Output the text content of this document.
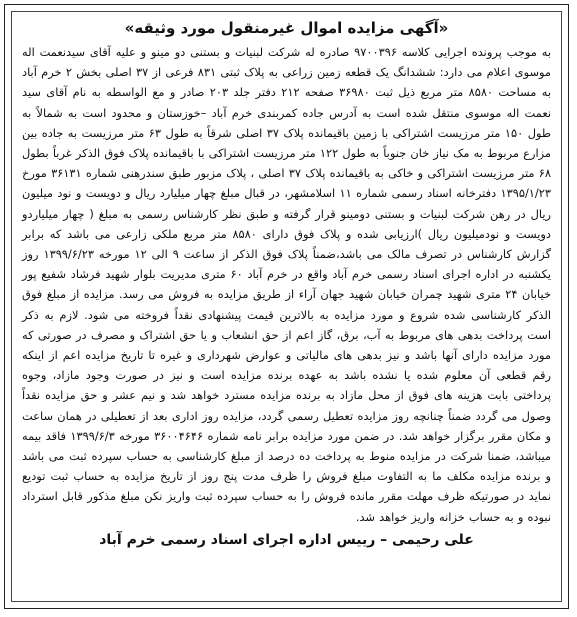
«آگهی مزایده اموال غیرمنقول مورد وثیقه»

به موجب پرونده اجرایی کلاسه ۹۷۰۰۳۹۶ صادره له شرکت لبنیات و بستنی دو مینو و علیه آقای سیدنعمت اله موسوی اعلام می دارد: ششدانگ یک قطعه زمین زراعی به پلاک ثبتی ۸۳۱ فرعی از ۳۷ اصلی بخش ۲ خرم آباد به مساحت ۸۵۸۰ متر مربع ذیل ثبت ۳۶۹۸۰ صفحه ۲۱۲ دفتر جلد ۲۰۳ صادر و مع الواسطه به نام آقای سید نعمت اله موسوی منتقل شده است به آدرس جاده کمربندی خرم آباد –خوزستان و محدود است به شمالاً به طول ۱۵۰ متر مرزیست اشتراکی با زمین باقیمانده پلاک ۳۷ اصلی شرقاً به طول ۶۳ متر مرزیست به جاده بین مزارع مربوط به مک نیاز خان جنوباً به طول ۱۲۲ متر مرزیست اشتراکی با باقیمانده پلاک فوق الذکر غرباً بطول ۶۸ متر مرزیست اشتراکی و خاکی به باقیمانده پلاک ۳۷ اصلی ، پلاک مزبور طبق سندرهنی شماره ۳۶۱۳۱ مورخ ۱۳۹۵/۱/۲۳ دفترخانه اسناد رسمی شماره ۱۱ اسلامشهر، در قبال مبلغ چهار میلیارد ریال و دویست و نود میلیون ریال در رهن شرکت لبنیات و بستنی دومینو قرار گرفته و طبق نظر کارشناس رسمی به مبلغ ( چهار میلیاردو دویست و نودمیلیون ریال )ارزیابی شده و پلاک فوق دارای ۸۵۸۰ متر مربع ملکی زارعی می باشد که برابر گزارش کارشناس در تصرف مالک می باشد،ضمناً پلاک فوق الذکر از ساعت ۹ الی ۱۲ مورخه ۱۳۹۹/۶/۲۳ روز یکشنبه در اداره اجرای اسناد رسمی خرم آباد واقع در خرم آباد ۶۰ متری مدیریت بلوار شهید فرشاد شفیع پور خیابان ۲۴ متری شهید چمران خیابان شهید جهان آراء از طریق مزایده به فروش می رسد. مزایده از مبلغ فوق الذکر کارشناسی شده شروع و مورد مزایده به بالاترین قیمت پیشنهادی نقداً فروخته می شود. لازم به ذکر است پرداخت بدهی های مربوط به آب، برق، گاز اعم از حق انشعاب و یا حق اشتراک و مصرف در صورتی که مورد مزایده دارای آنها باشد و نیز بدهی های مالیاتی و عوارض شهرداری و غیره تا تاریخ مزایده اعم از اینکه رقم قطعی آن معلوم شده یا نشده باشد به عهده برنده مزایده است و نیز در صورت وجود مازاد، وجوه پرداختی بابت هزینه های فوق از محل مازاد به برنده مزایده مسترد خواهد شد و نیم عشر و حق مزایده نقداً وصول می گردد ضمناً چنانچه روز مزایده تعطیل رسمی گردد، مزایده روز اداری بعد از تعطیلی در همان ساعت و مکان مقرر برگزار خواهد شد. در ضمن مورد مزایده برابر نامه شماره ۳۶۰۰۴۶۴۶ مورخه ۱۳۹۹/۶/۳ فاقد بیمه میباشد، ضمنا شرکت در مزایده منوط به پرداخت ده درصد از مبلغ کارشناسی به حساب سپرده ثبت می باشد و برنده مزایده مکلف ما به التفاوت مبلغ فروش را ظرف مدت پنج روز از تاریخ مزایده به حساب ثبت تودیع نماید در صورتیکه ظرف مهلت مقرر مانده فروش را به حساب سپرده ثبت واریز نکن مبلغ مذکور قابل استرداد نبوده و به حساب خزانه واریز خواهد شد.

علی رحیمی – رییس اداره اجرای اسناد رسمی خرم آباد
